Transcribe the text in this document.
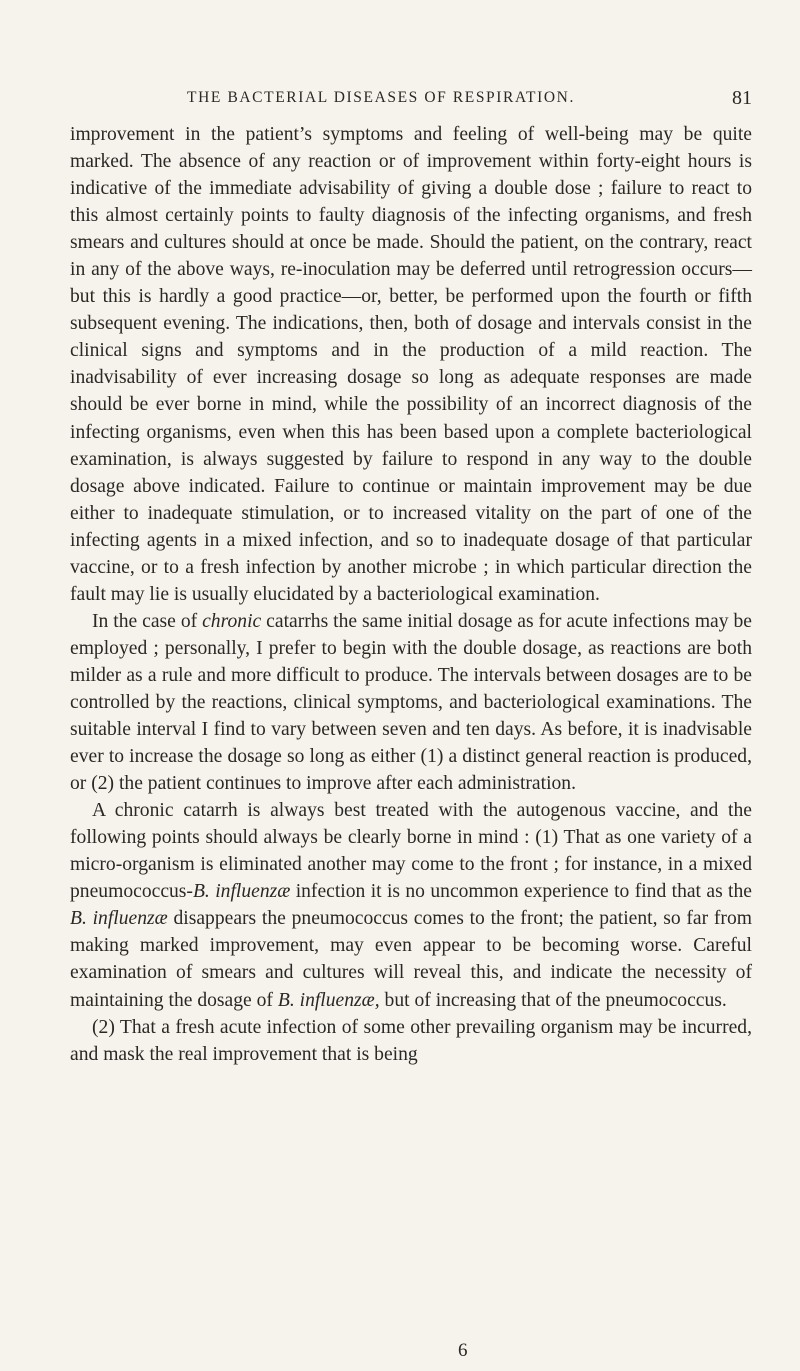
THE BACTERIAL DISEASES OF RESPIRATION.	81

improvement in the patient’s symptoms and feeling of well-being may be quite marked. The absence of any reaction or of improvement within forty-eight hours is indicative of the immediate advisability of giving a double dose ; failure to react to this almost certainly points to faulty diagnosis of the infecting organisms, and fresh smears and cultures should at once be made. Should the patient, on the contrary, react in any of the above ways, re-inoculation may be deferred until retrogression occurs—but this is hardly a good practice—or, better, be performed upon the fourth or fifth subsequent evening. The indications, then, both of dosage and intervals consist in the clinical signs and symptoms and in the production of a mild reaction. The inadvisability of ever increasing dosage so long as adequate responses are made should be ever borne in mind, while the possibility of an incorrect diagnosis of the infecting organisms, even when this has been based upon a complete bacteriological examination, is always suggested by failure to respond in any way to the double dosage above indicated. Failure to continue or maintain improvement may be due either to inadequate stimulation, or to increased vitality on the part of one of the infecting agents in a mixed infection, and so to inadequate dosage of that particular vaccine, or to a fresh infection by another microbe ; in which particular direction the fault may lie is usually elucidated by a bacteriological examination.

In the case of chronic catarrhs the same initial dosage as for acute infections may be employed ; personally, I prefer to begin with the double dosage, as reactions are both milder as a rule and more difficult to produce. The intervals between dosages are to be controlled by the reactions, clinical symptoms, and bacteriological examinations. The suitable interval I find to vary between seven and ten days. As before, it is inadvisable ever to increase the dosage so long as either (1) a distinct general reaction is produced, or (2) the patient continues to improve after each administration.

A chronic catarrh is always best treated with the autogenous vaccine, and the following points should always be clearly borne in mind : (1) That as one variety of a micro-organism is eliminated another may come to the front ; for instance, in a mixed pneumococcus-B. influenzæ infection it is no uncommon experience to find that as the B. influenzæ disappears the pneumococcus comes to the front; the patient, so far from making marked improvement, may even appear to be becoming worse. Careful examination of smears and cultures will reveal this, and indicate the necessity of maintaining the dosage of B. influenzæ, but of increasing that of the pneumococcus.

(2) That a fresh acute infection of some other prevailing organism may be incurred, and mask the real improvement that is being

6
